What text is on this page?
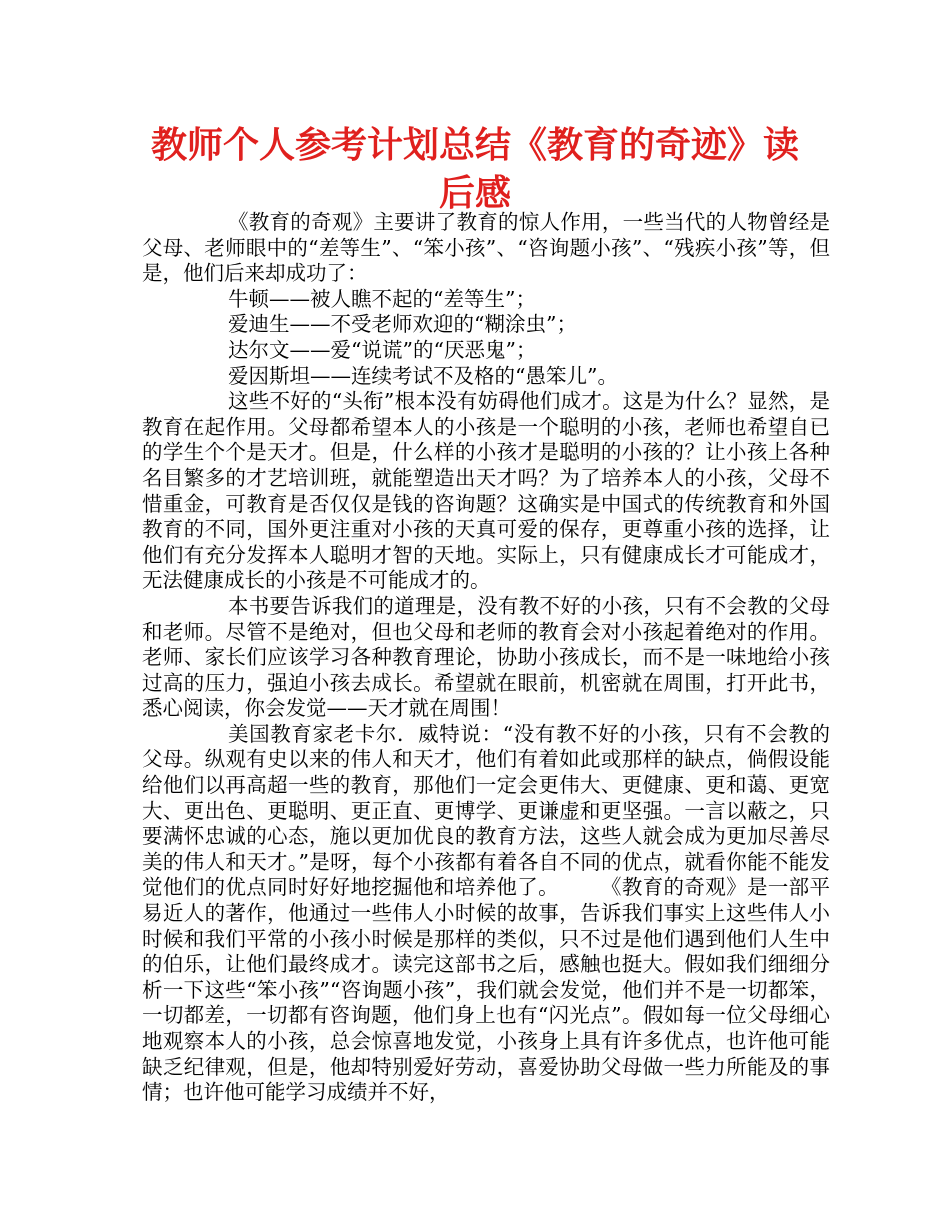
教师个人参考计划总结《教育的奇迹》读
后感

《教育的奇观》主要讲了教育的惊人作用，一些当代的人物曾经是父母、老师眼中的“差等生”、“笨小孩”、“咨询题小孩”、“残疾小孩”等，但是，他们后来却成功了：

牛顿——被人瞧不起的“差等生”；

爱迪生——不受老师欢迎的“糊涂虫”；

达尔文——爱“说谎”的“厌恶鬼”；

爱因斯坦——连续考试不及格的“愚笨儿”。

这些不好的“头衔”根本没有妨碍他们成才。这是为什么？显然，是教育在起作用。父母都希望本人的小孩是一个聪明的小孩，老师也希望自已的学生个个是天才。但是，什么样的小孩才是聪明的小孩的？让小孩上各种名目繁多的才艺培训班，就能塑造出天才吗？为了培养本人的小孩，父母不惜重金，可教育是否仅仅是钱的咨询题？这确实是中国式的传统教育和外国教育的不同，国外更注重对小孩的天真可爱的保存，更尊重小孩的选择，让他们有充分发挥本人聪明才智的天地。实际上，只有健康成长才可能成才，无法健康成长的小孩是不可能成才的。

本书要告诉我们的道理是，没有教不好的小孩，只有不会教的父母和老师。尽管不是绝对，但也父母和老师的教育会对小孩起着绝对的作用。老师、家长们应该学习各种教育理论，协助小孩成长，而不是一味地给小孩过高的压力，强迫小孩去成长。希望就在眼前，机密就在周围，打开此书，悉心阅读，你会发觉——天才就在周围！

美国教育家老卡尔．威特说：“没有教不好的小孩，只有不会教的父母。纵观有史以来的伟人和天才，他们有着如此或那样的缺点，倘假设能给他们以再高超一些的教育，那他们一定会更伟大、更健康、更和蔼、更宽大、更出色、更聪明、更正直、更博学、更谦虚和更坚强。一言以蔽之，只要满怀忠诚的心态，施以更加优良的教育方法，这些人就会成为更加尽善尽美的伟人和天才。”是呀，每个小孩都有着各自不同的优点，就看你能不能发觉他们的优点同时好好地挖掘他和培养他了。　　　《教育的奇观》是一部平易近人的著作，他通过一些伟人小时候的故事，告诉我们事实上这些伟人小时候和我们平常的小孩小时候是那样的类似，只不过是他们遇到他们人生中的伯乐，让他们最终成才。读完这部书之后，感触也挺大。假如我们细细分析一下这些“笨小孩”“咨询题小孩”，我们就会发觉，他们并不是一切都笨，一切都差，一切都有咨询题，他们身上也有“闪光点”。假如每一位父母细心地观察本人的小孩，总会惊喜地发觉，小孩身上具有许多优点，也许他可能缺乏纪律观，但是，他却特别爱好劳动，喜爱协助父母做一些力所能及的事情；也许他可能学习成绩并不好，
